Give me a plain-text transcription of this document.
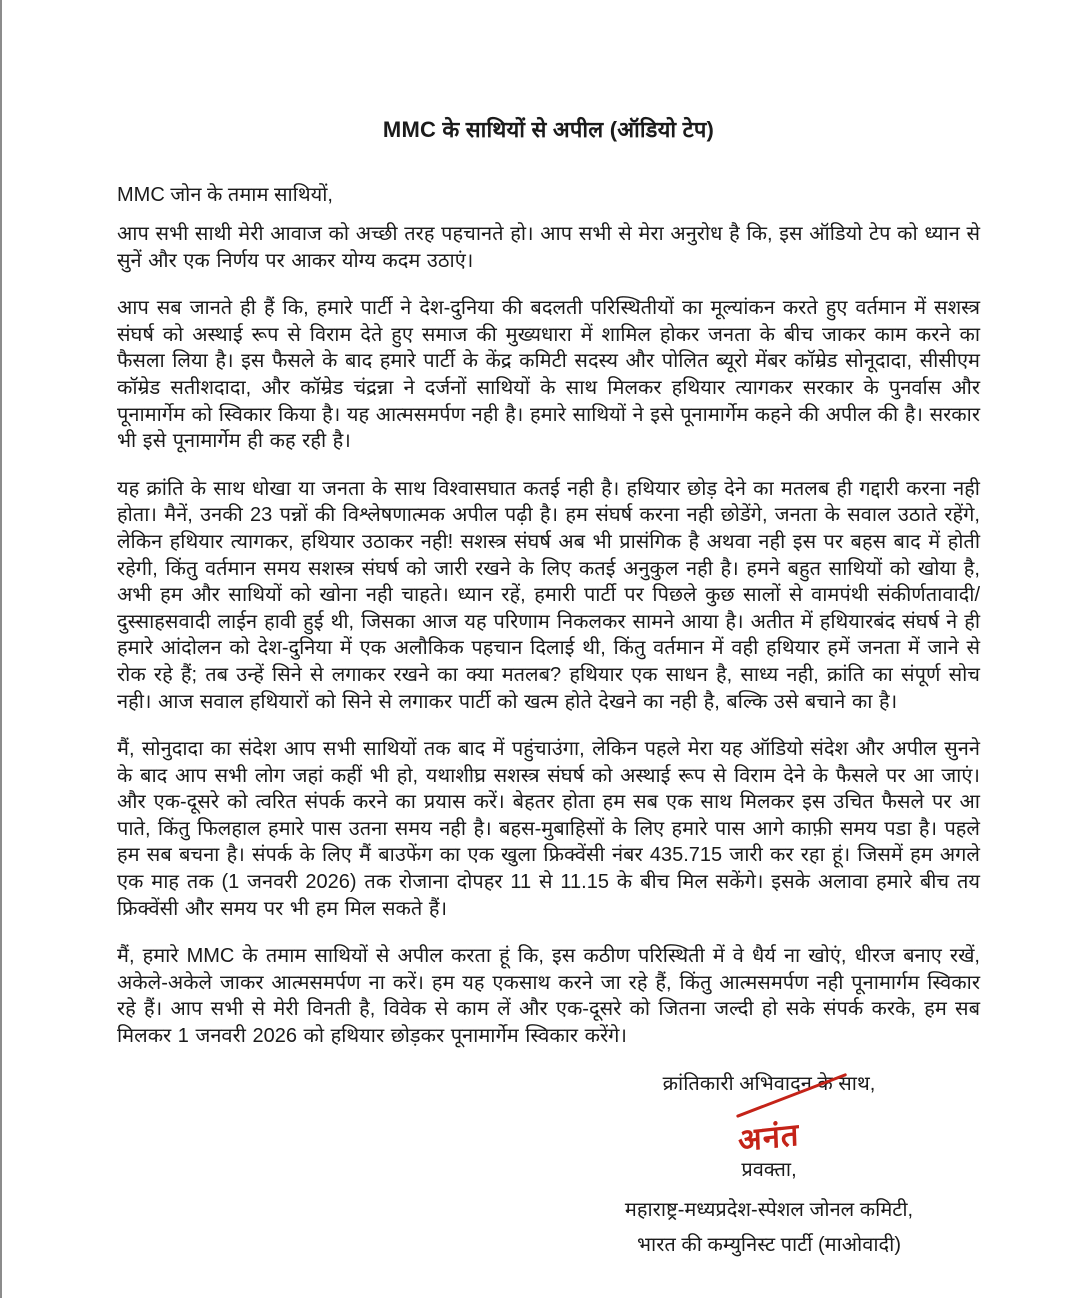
MMC के साथियों से अपील (ऑडियो टेप)

MMC जोन के तमाम साथियों,

आप सभी साथी मेरी आवाज को अच्छी तरह पहचानते हो। आप सभी से मेरा अनुरोध है कि, इस ऑडियो टेप को ध्यान से सुनें और एक निर्णय पर आकर योग्य कदम उठाएं।

आप सब जानते ही हैं कि, हमारे पार्टी ने देश-दुनिया की बदलती परिस्थितीयों का मूल्यांकन करते हुए वर्तमान में सशस्त्र संघर्ष को अस्थाई रूप से विराम देते हुए समाज की मुख्यधारा में शामिल होकर जनता के बीच जाकर काम करने का फैसला लिया है। इस फैसले के बाद हमारे पार्टी के केंद्र कमिटी सदस्य और पोलित ब्यूरो मेंबर कॉम्रेड सोनूदादा, सीसीएम कॉम्रेड सतीशदादा, और कॉम्रेड चंद्रन्ना ने दर्जनों साथियों के साथ मिलकर हथियार त्यागकर सरकार के पुनर्वास और पूनामार्गेम को स्विकार किया है। यह आत्मसमर्पण नही है। हमारे साथियों ने इसे पूनामार्गेम कहने की अपील की है। सरकार भी इसे पूनामार्गेम ही कह रही है।

यह क्रांति के साथ धोखा या जनता के साथ विश्वासघात कतई नही है। हथियार छोड़ देने का मतलब ही गद्दारी करना नही होता। मैनें, उनकी 23 पन्नों की विश्लेषणात्मक अपील पढ़ी है। हम संघर्ष करना नही छोडेंगे, जनता के सवाल उठाते रहेंगे, लेकिन हथियार त्यागकर, हथियार उठाकर नही! सशस्त्र संघर्ष अब भी प्रासंगिक है अथवा नही इस पर बहस बाद में होती रहेगी, किंतु वर्तमान समय सशस्त्र संघर्ष को जारी रखने के लिए कतई अनुकुल नही है। हमने बहुत साथियों को खोया है, अभी हम और साथियों को खोना नही चाहते। ध्यान रहें, हमारी पार्टी पर पिछले कुछ सालों से वामपंथी संकीर्णतावादी/दुस्साहसवादी लाईन हावी हुई थी, जिसका आज यह परिणाम निकलकर सामने आया है। अतीत में हथियारबंद संघर्ष ने ही हमारे आंदोलन को देश-दुनिया में एक अलौकिक पहचान दिलाई थी, किंतु वर्तमान में वही हथियार हमें जनता में जाने से रोक रहे हैं; तब उन्हें सिने से लगाकर रखने का क्या मतलब? हथियार एक साधन है, साध्य नही, क्रांति का संपूर्ण सोच नही। आज सवाल हथियारों को सिने से लगाकर पार्टी को खत्म होते देखने का नही है, बल्कि उसे बचाने का है।

मैं, सोनुदादा का संदेश आप सभी साथियों तक बाद में पहुंचाउंगा, लेकिन पहले मेरा यह ऑडियो संदेश और अपील सुनने के बाद आप सभी लोग जहां कहीं भी हो, यथाशीघ्र सशस्त्र संघर्ष को अस्थाई रूप से विराम देने के फैसले पर आ जाएं। और एक-दूसरे को त्वरित संपर्क करने का प्रयास करें। बेहतर होता हम सब एक साथ मिलकर इस उचित फैसले पर आ पाते, किंतु फिलहाल हमारे पास उतना समय नही है। बहस-मुबाहिसों के लिए हमारे पास आगे काफ़ी समय पडा है। पहले हम सब बचना है। संपर्क के लिए मैं बाउफेंग का एक खुला फ्रिक्वेंसी नंबर 435.715 जारी कर रहा हूं। जिसमें हम अगले एक माह तक (1 जनवरी 2026) तक रोजाना दोपहर 11 से 11.15 के बीच मिल सकेंगे। इसके अलावा हमारे बीच तय फ्रिक्वेंसी और समय पर भी हम मिल सकते हैं।

मैं, हमारे MMC के तमाम साथियों से अपील करता हूं कि, इस कठीण परिस्थिती में वे धैर्य ना खोएं, धीरज बनाए रखें, अकेले-अकेले जाकर आत्मसमर्पण ना करें। हम यह एकसाथ करने जा रहे हैं, किंतु आत्मसमर्पण नही पूनामार्गम स्विकार रहे हैं। आप सभी से मेरी विनती है, विवेक से काम लें और एक-दूसरे को जितना जल्दी हो सके संपर्क करके, हम सब मिलकर 1 जनवरी 2026 को हथियार छोड़कर पूनामार्गेम स्विकार करेंगे।

क्रांतिकारी अभिवादन के साथ,
अनंत
प्रवक्ता,
महाराष्ट्र-मध्यप्रदेश-स्पेशल जोनल कमिटी,
भारत की कम्युनिस्ट पार्टी (माओवादी)
